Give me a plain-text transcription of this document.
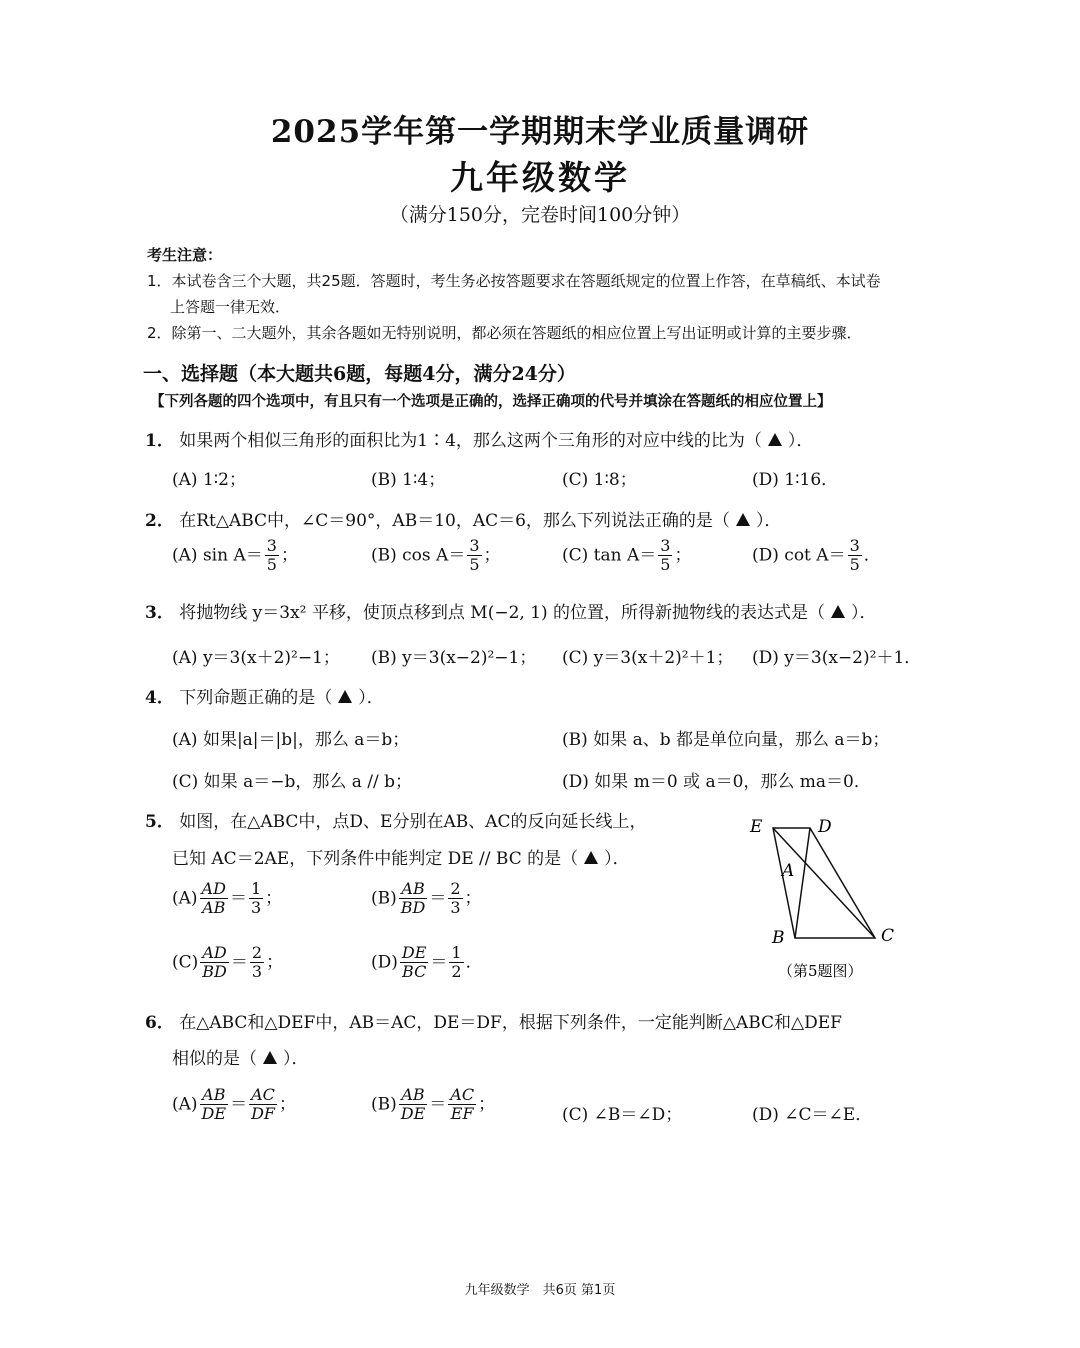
2025学年第一学期期末学业质量调研
九年级数学
（满分150分，完卷时间100分钟）
考生注意：
1．本试卷含三个大题，共25题．答题时，考生务必按答题要求在答题纸规定的位置上作答，在草稿纸、本试卷
上答题一律无效．
2．除第一、二大题外，其余各题如无特别说明，都必须在答题纸的相应位置上写出证明或计算的主要步骤．
一、选择题（本大题共6题，每题4分，满分24分）
【下列各题的四个选项中，有且只有一个选项是正确的，选择正确项的代号并填涂在答题纸的相应位置上】
1． 如果两个相似三角形的面积比为1∶4，那么这两个三角形的对应中线的比为（ ）．
(A) 1∶2；	(B) 1∶4；	(C) 1∶8；	(D) 1∶16．
2． 在Rt△ABC中，∠C＝90°，AB＝10，AC＝6，那么下列说法正确的是（ ）．
(A) $\sin A= \frac{3}{5}$ ；	(B) $\cos A= \frac{3}{5}$ ；	(C) $\tan A= \frac{3}{5}$ ；	(D) $\cot A= \frac{3}{5}$ ．
3． 将抛物线 y＝3x² 平移，使顶点移到点 M(−2, 1) 的位置，所得新抛物线的表达式是（ ）．
(A) y＝3(x＋2)²−1； (B) y＝3(x−2)²−1； (C) y＝3(x＋2)²＋1； (D) y＝3(x−2)²＋1．
4． 下列命题正确的是（ ）．
(A) 如果|a|＝|b|，那么 a＝b；	(B) 如果 a、b 都是单位向量，那么 a＝b；
(C) 如果 a＝−b，那么 a // b；	(D) 如果 m＝0 或 a＝0，那么 ma＝0．
5． 如图，在△ABC中，点D、E分别在AB、AC的反向延长线上，
已知 AC＝2AE，下列条件中能判定 DE // BC 的是（ ）．
$(A) \frac{AD}{AB} = \frac{1}{3}$ ；	$(B) \frac{AB}{BD} = \frac{2}{3}$ ；
$(C) \frac{AD}{BD} = \frac{2}{3}$ ；	$(D) \frac{DE}{BC} = \frac{1}{2}$ ．
E	D
A
B	C
（第5题图）
6． 在△ABC和△DEF中，AB＝AC，DE＝DF，根据下列条件，一定能判断△ABC和△DEF
相似的是（ ）．
$(A) \frac{AB}{DE} = \frac{AC}{DF}$ ；	$(B) \frac{AB}{DE} = \frac{AC}{EF}$ ；
(C) ∠B＝∠D；	(D) ∠C＝∠E．
九年级数学　共6页 第1页
